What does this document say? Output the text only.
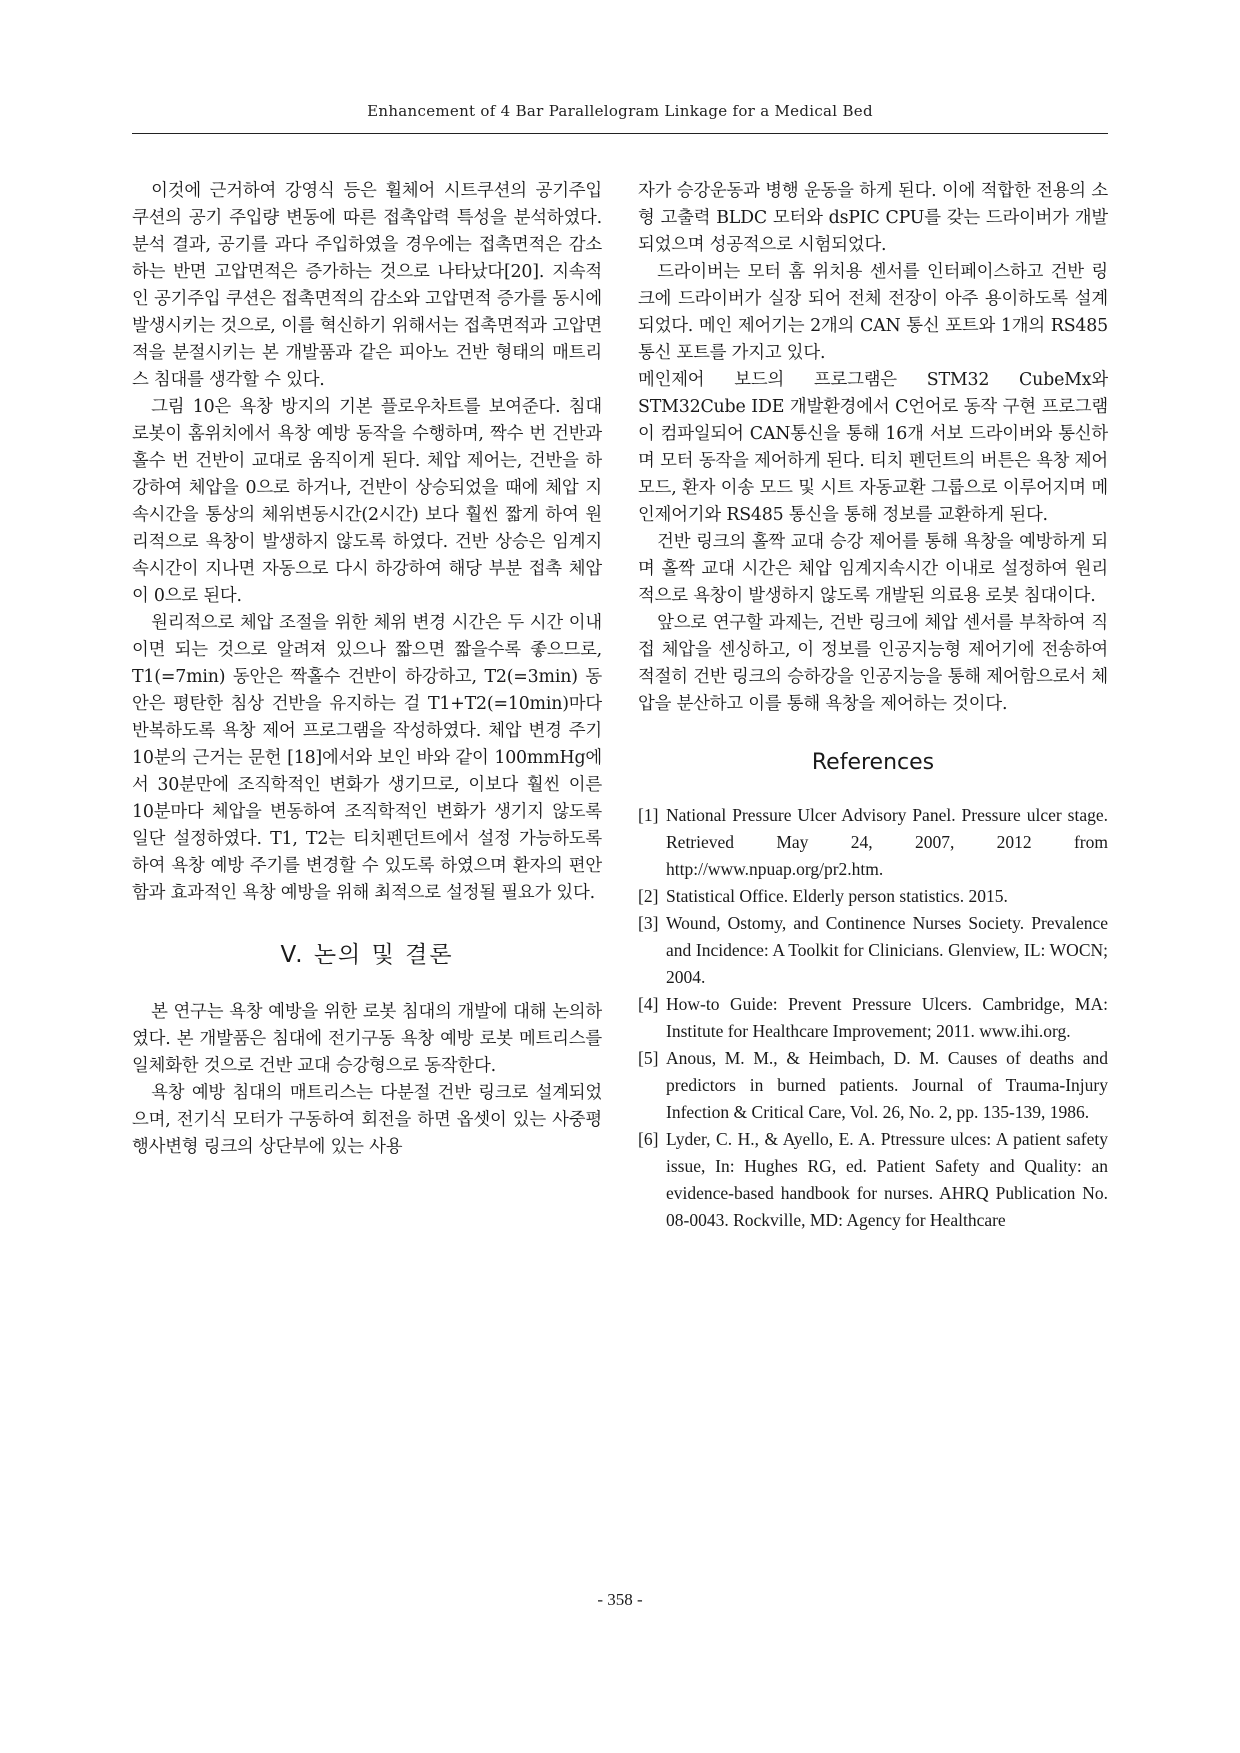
Enhancement of 4 Bar Parallelogram Linkage for a Medical Bed

이것에 근거하여 강영식 등은 휠체어 시트쿠션의 공기주입 쿠션의 공기 주입량 변동에 따른 접촉압력 특성을 분석하였다. 분석 결과, 공기를 과다 주입하였을 경우에는 접촉면적은 감소하는 반면 고압면적은 증가하는 것으로 나타났다[20]. 지속적인 공기주입 쿠션은 접촉면적의 감소와 고압면적 증가를 동시에 발생시키는 것으로, 이를 혁신하기 위해서는 접촉면적과 고압면적을 분절시키는 본 개발품과 같은 피아노 건반 형태의 매트리스 침대를 생각할 수 있다.

그림 10은 욕창 방지의 기본 플로우차트를 보여준다. 침대 로봇이 홈위치에서 욕창 예방 동작을 수행하며, 짝수 번 건반과 홀수 번 건반이 교대로 움직이게 된다. 체압 제어는, 건반을 하강하여 체압을 0으로 하거나, 건반이 상승되었을 때에 체압 지속시간을 통상의 체위변동시간(2시간) 보다 훨씬 짧게 하여 원리적으로 욕창이 발생하지 않도록 하였다. 건반 상승은 임계지속시간이 지나면 자동으로 다시 하강하여 해당 부분 접촉 체압이 0으로 된다.

원리적으로 체압 조절을 위한 체위 변경 시간은 두 시간 이내이면 되는 것으로 알려져 있으나 짧으면 짧을수록 좋으므로, T1(=7min) 동안은 짝홀수 건반이 하강하고, T2(=3min) 동안은 평탄한 침상 건반을 유지하는 걸 T1+T2(=10min)마다 반복하도록 욕창 제어 프로그램을 작성하였다. 체압 변경 주기 10분의 근거는 문헌 [18]에서와 보인 바와 같이 100mmHg에서 30분만에 조직학적인 변화가 생기므로, 이보다 훨씬 이른 10분마다 체압을 변동하여 조직학적인 변화가 생기지 않도록 일단 설정하였다. T1, T2는 티치펜던트에서 설정 가능하도록 하여 욕창 예방 주기를 변경할 수 있도록 하였으며 환자의 편안함과 효과적인 욕창 예방을 위해 최적으로 설정될 필요가 있다.

V. 논의 및 결론

본 연구는 욕창 예방을 위한 로봇 침대의 개발에 대해 논의하였다. 본 개발품은 침대에 전기구동 욕창 예방 로봇 메트리스를 일체화한 것으로 건반 교대 승강형으로 동작한다.

욕창 예방 침대의 매트리스는 다분절 건반 링크로 설계되었으며, 전기식 모터가 구동하여 회전을 하면 옵셋이 있는 사중평행사변형 링크의 상단부에 있는 사용

자가 승강운동과 병행 운동을 하게 된다. 이에 적합한 전용의 소형 고출력 BLDC 모터와 dsPIC CPU를 갖는 드라이버가 개발되었으며 성공적으로 시험되었다.

드라이버는 모터 홈 위치용 센서를 인터페이스하고 건반 링크에 드라이버가 실장 되어 전체 전장이 아주 용이하도록 설계되었다. 메인 제어기는 2개의 CAN 통신 포트와 1개의 RS485 통신 포트를 가지고 있다.

메인제어 보드의 프로그램은 STM32 CubeMx와 STM32Cube IDE 개발환경에서 C언어로 동작 구현 프로그램이 컴파일되어 CAN통신을 통해 16개 서보 드라이버와 통신하며 모터 동작을 제어하게 된다. 티치 펜던트의 버튼은 욕창 제어 모드, 환자 이송 모드 및 시트 자동교환 그룹으로 이루어지며 메인제어기와 RS485 통신을 통해 정보를 교환하게 된다.

건반 링크의 홀짝 교대 승강 제어를 통해 욕창을 예방하게 되며 홀짝 교대 시간은 체압 임계지속시간 이내로 설정하여 원리적으로 욕창이 발생하지 않도록 개발된 의료용 로봇 침대이다.

앞으로 연구할 과제는, 건반 링크에 체압 센서를 부착하여 직접 체압을 센싱하고, 이 정보를 인공지능형 제어기에 전송하여 적절히 건반 링크의 승하강을 인공지능을 통해 제어함으로서 체압을 분산하고 이를 통해 욕창을 제어하는 것이다.

References
[1] National Pressure Ulcer Advisory Panel. Pressure ulcer stage. Retrieved May 24, 2007, 2012 from http://www.npuap.org/pr2.htm.
[2] Statistical Office. Elderly person statistics. 2015.
[3] Wound, Ostomy, and Continence Nurses Society. Prevalence and Incidence: A Toolkit for Clinicians. Glenview, IL: WOCN; 2004.
[4] How-to Guide: Prevent Pressure Ulcers. Cambridge, MA: Institute for Healthcare Improvement; 2011. www.ihi.org.
[5] Anous, M. M., & Heimbach, D. M. Causes of deaths and predictors in burned patients. Journal of Trauma-Injury Infection & Critical Care, Vol. 26, No. 2, pp. 135-139, 1986.
[6] Lyder, C. H., & Ayello, E. A. Ptressure ulces: A patient safety issue, In: Hughes RG, ed. Patient Safety and Quality: an evidence-based handbook for nurses. AHRQ Publication No. 08-0043. Rockville, MD: Agency for Healthcare
- 358 -
